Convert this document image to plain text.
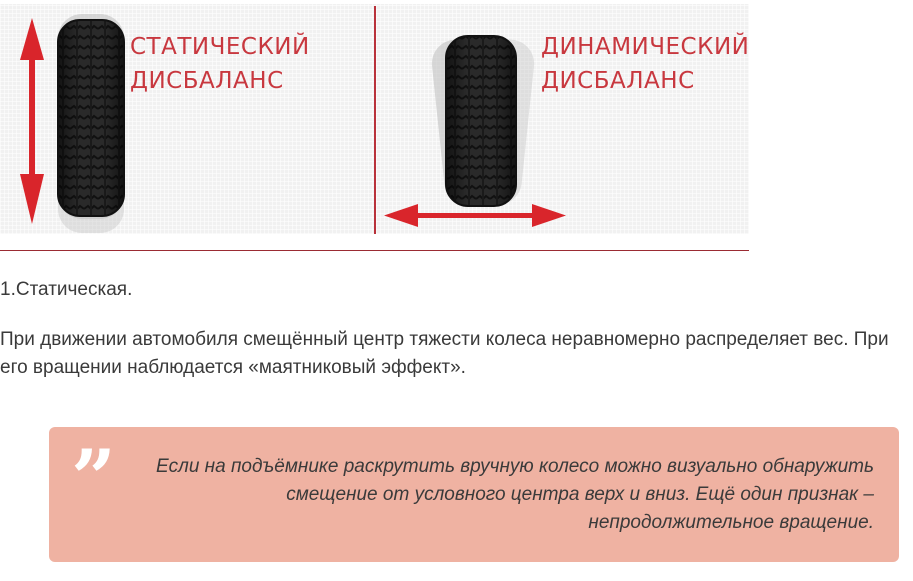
СТАТИЧЕСКИЙ
ДИСБАЛАНС
ДИНАМИЧЕСКИЙ
ДИСБАЛАНС
1.Статическая.
При движении автомобиля смещённый центр тяжести колеса неравномерно распределяет вес. При его вращении наблюдается «маятниковый эффект».
”	Если на подъёмнике раскрутить вручную колесо можно визуально обнаружить смещение от условного центра верх и вниз. Ещё один признак –непродолжительное вращение.
